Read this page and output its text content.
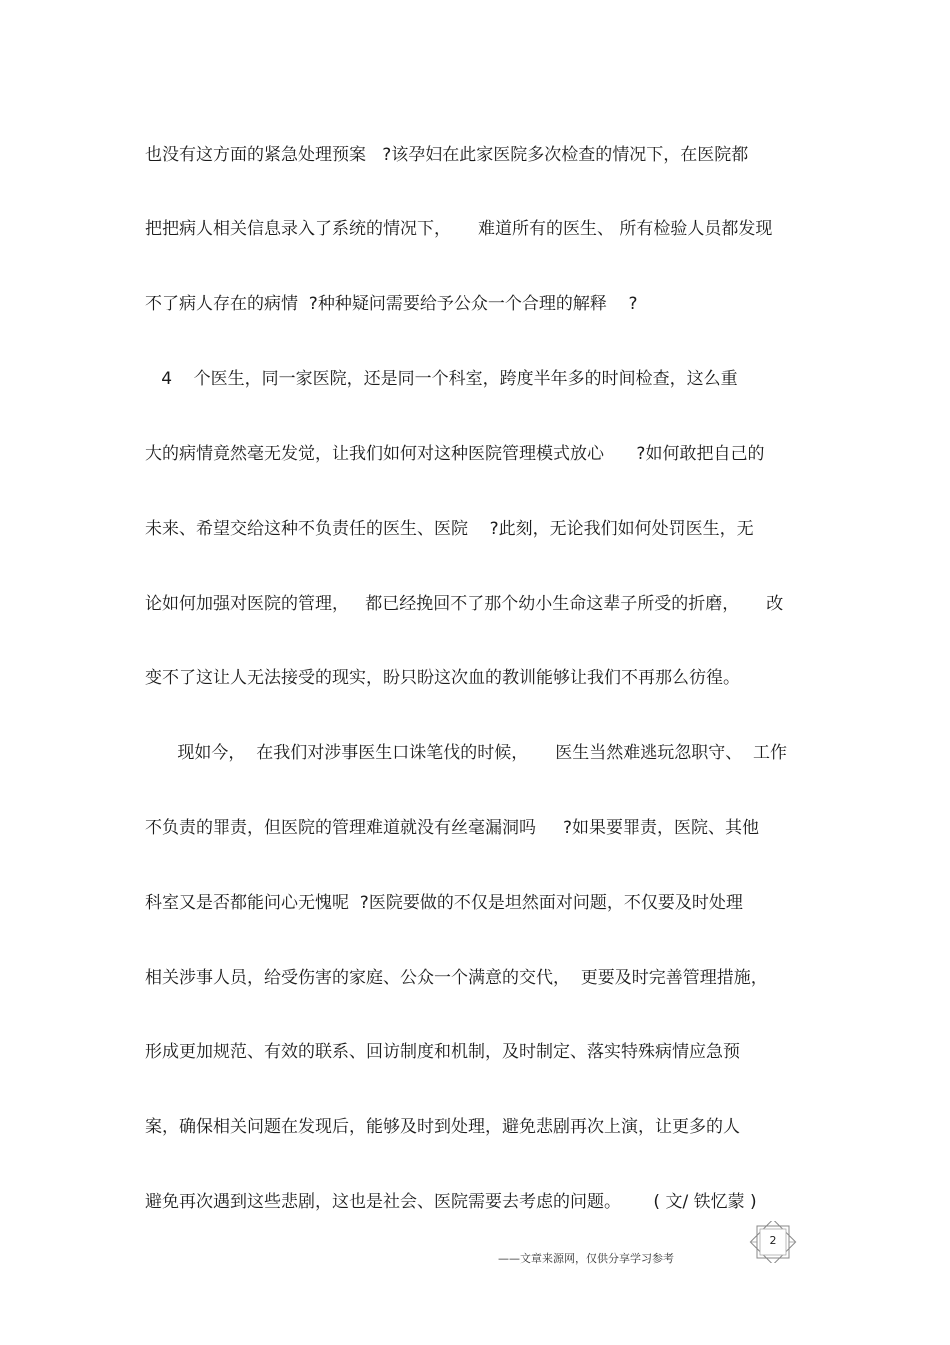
也没有这方面的紧急处理预案   ?该孕妇在此家医院多次检查的情况下，在医院都
把把病人相关信息录入了系统的情况下，     难道所有的医生、 所有检验人员都发现
不了病人存在的病情  ?种种疑问需要给予公众一个合理的解释    ?
4    个医生，同一家医院，还是同一个科室，跨度半年多的时间检查，这么重
大的病情竟然毫无发觉，让我们如何对这种医院管理模式放心      ?如何敢把自己的
未来、希望交给这种不负责任的医生、医院    ?此刻，无论我们如何处罚医生，无
论如何加强对医院的管理，   都已经挽回不了那个幼小生命这辈子所受的折磨，     改
变不了这让人无法接受的现实，盼只盼这次血的教训能够让我们不再那么彷徨。
现如今，  在我们对涉事医生口诛笔伐的时候，     医生当然难逃玩忽职守、  工作
不负责的罪责，但医院的管理难道就没有丝毫漏洞吗     ?如果要罪责，医院、其他
科室又是否都能问心无愧呢  ?医院要做的不仅是坦然面对问题，不仅要及时处理
相关涉事人员，给受伤害的家庭、公众一个满意的交代，  更要及时完善管理措施，
形成更加规范、有效的联系、回访制度和机制，及时制定、落实特殊病情应急预
案，确保相关问题在发现后，能够及时到处理，避免悲剧再次上演，让更多的人
避免再次遇到这些悲剧，这也是社会、医院需要去考虑的问题。      ( 文/ 铁忆蒙 )
2
——文章来源网，仅供分享学习参考
